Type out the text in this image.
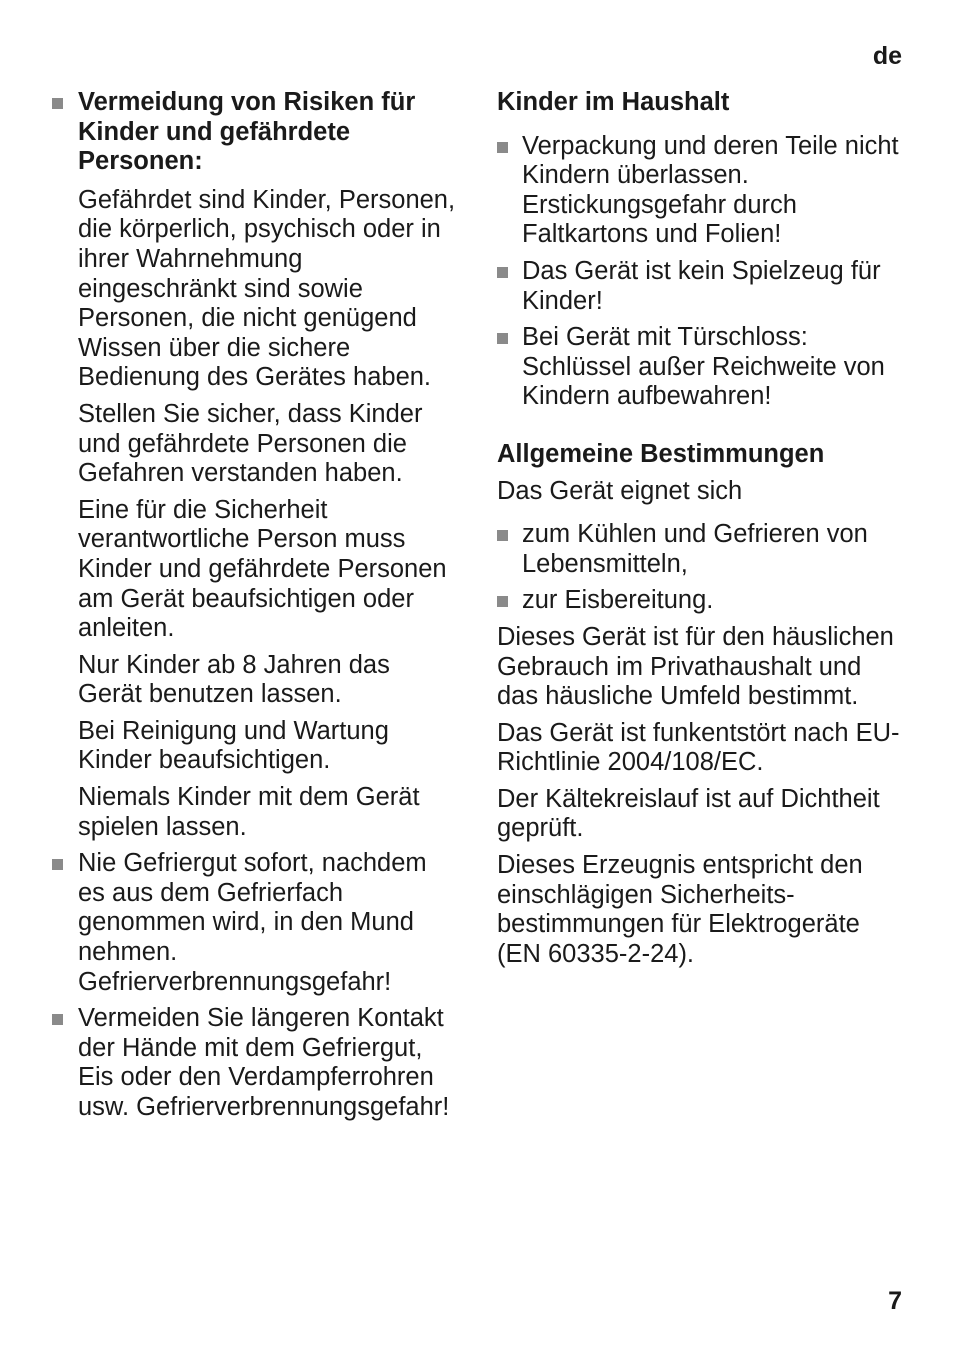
de
Vermeidung von Risiken für Kinder und gefährdete Personen:

Gefährdet sind Kinder, Personen, die körperlich, psychisch oder in ihrer Wahrnehmung eingeschränkt sind sowie Personen, die nicht genügend Wissen über die sichere Bedienung des Gerätes haben.

Stellen Sie sicher, dass Kinder und gefährdete Personen die Gefahren verstanden haben.

Eine für die Sicherheit verantwortliche Person muss Kinder und gefährdete Personen am Gerät beaufsichtigen oder anleiten.

Nur Kinder ab 8 Jahren das Gerät benutzen lassen.

Bei Reinigung und Wartung Kinder beaufsichtigen.

Niemals Kinder mit dem Gerät spielen lassen.

Nie Gefriergut sofort, nachdem es aus dem Gefrierfach genommen wird, in den Mund nehmen. Gefrierverbrennungsgefahr!
Vermeiden Sie längeren Kontakt der Hände mit dem Gefriergut, Eis oder den Verdampferrohren usw. Gefrierverbrennungsgefahr!
Kinder im Haushalt
Verpackung und deren Teile nicht Kindern überlassen. Erstickungsgefahr durch Faltkartons und Folien!
Das Gerät ist kein Spielzeug für Kinder!
Bei Gerät mit Türschloss: Schlüssel außer Reichweite von Kindern aufbewahren!
Allgemeine Bestimmungen

Das Gerät eignet sich

zum Kühlen und Gefrieren von Lebensmitteln,
zur Eisbereitung.

Dieses Gerät ist für den häuslichen Gebrauch im Privathaushalt und das häusliche Umfeld bestimmt.

Das Gerät ist funkentstört nach EU-Richtlinie 2004/108/EC.

Der Kältekreislauf ist auf Dichtheit geprüft.

Dieses Erzeugnis entspricht den einschlägigen Sicherheits-bestimmungen für Elektrogeräte (EN 60335-2-24).

7
